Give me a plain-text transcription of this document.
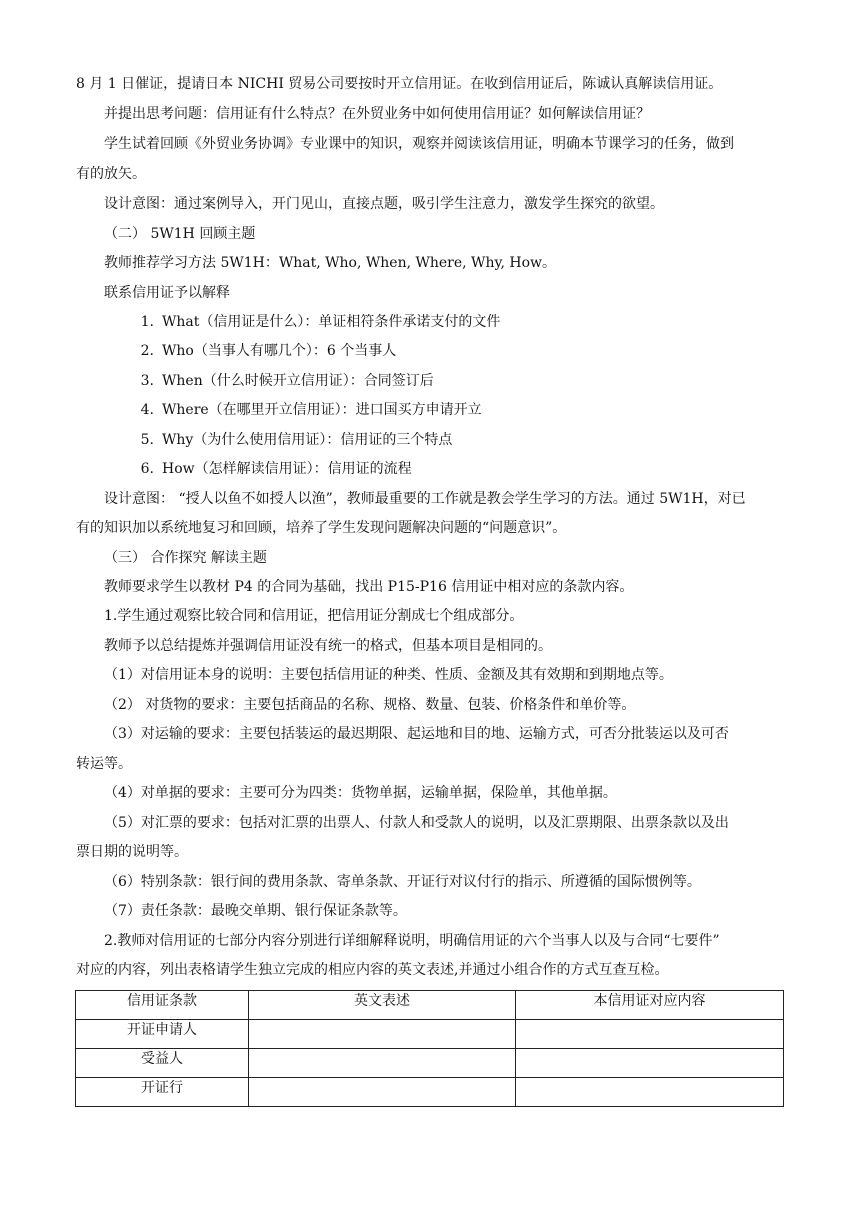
8 月 1 日催证，提请日本 NICHI 贸易公司要按时开立信用证。在收到信用证后，陈诚认真解读信用证。
并提出思考问题：信用证有什么特点？在外贸业务中如何使用信用证？如何解读信用证？
学生试着回顾《外贸业务协调》专业课中的知识，观察并阅读该信用证，明确本节课学习的任务，做到
有的放矢。
设计意图：通过案例导入，开门见山，直接点题，吸引学生注意力，激发学生探究的欲望。
（二） 5W1H 回顾主题
教师推荐学习方法 5W1H：What, Who, When, Where, Why, How。
联系信用证予以解释
1. What（信用证是什么）：单证相符条件承诺支付的文件
2. Who（当事人有哪几个）：6 个当事人
3. When（什么时候开立信用证）：合同签订后
4. Where（在哪里开立信用证）：进口国买方申请开立
5. Why（为什么使用信用证）：信用证的三个特点
6. How（怎样解读信用证）：信用证的流程
设计意图： “授人以鱼不如授人以渔”，教师最重要的工作就是教会学生学习的方法。通过 5W1H，对已
有的知识加以系统地复习和回顾，培养了学生发现问题解决问题的“问题意识”。
（三） 合作探究 解读主题
教师要求学生以教材 P4 的合同为基础，找出 P15-P16 信用证中相对应的条款内容。
1.学生通过观察比较合同和信用证，把信用证分割成七个组成部分。
教师予以总结提炼并强调信用证没有统一的格式，但基本项目是相同的。
（1）对信用证本身的说明：主要包括信用证的种类、性质、金额及其有效期和到期地点等。
（2） 对货物的要求：主要包括商品的名称、规格、数量、包装、价格条件和单价等。
（3）对运输的要求：主要包括装运的最迟期限、起运地和目的地、运输方式，可否分批装运以及可否
转运等。
（4）对单据的要求：主要可分为四类：货物单据，运输单据，保险单，其他单据。
（5）对汇票的要求：包括对汇票的出票人、付款人和受款人的说明，以及汇票期限、出票条款以及出
票日期的说明等。
（6）特别条款：银行间的费用条款、寄单条款、开证行对议付行的指示、所遵循的国际惯例等。
（7）责任条款：最晚交单期、银行保证条款等。
2.教师对信用证的七部分内容分别进行详细解释说明，明确信用证的六个当事人以及与合同“七要件”
对应的内容，列出表格请学生独立完成的相应内容的英文表述,并通过小组合作的方式互查互检。
信用证条款	英文表述	本信用证对应内容
开证申请人		
受益人		
开证行		
